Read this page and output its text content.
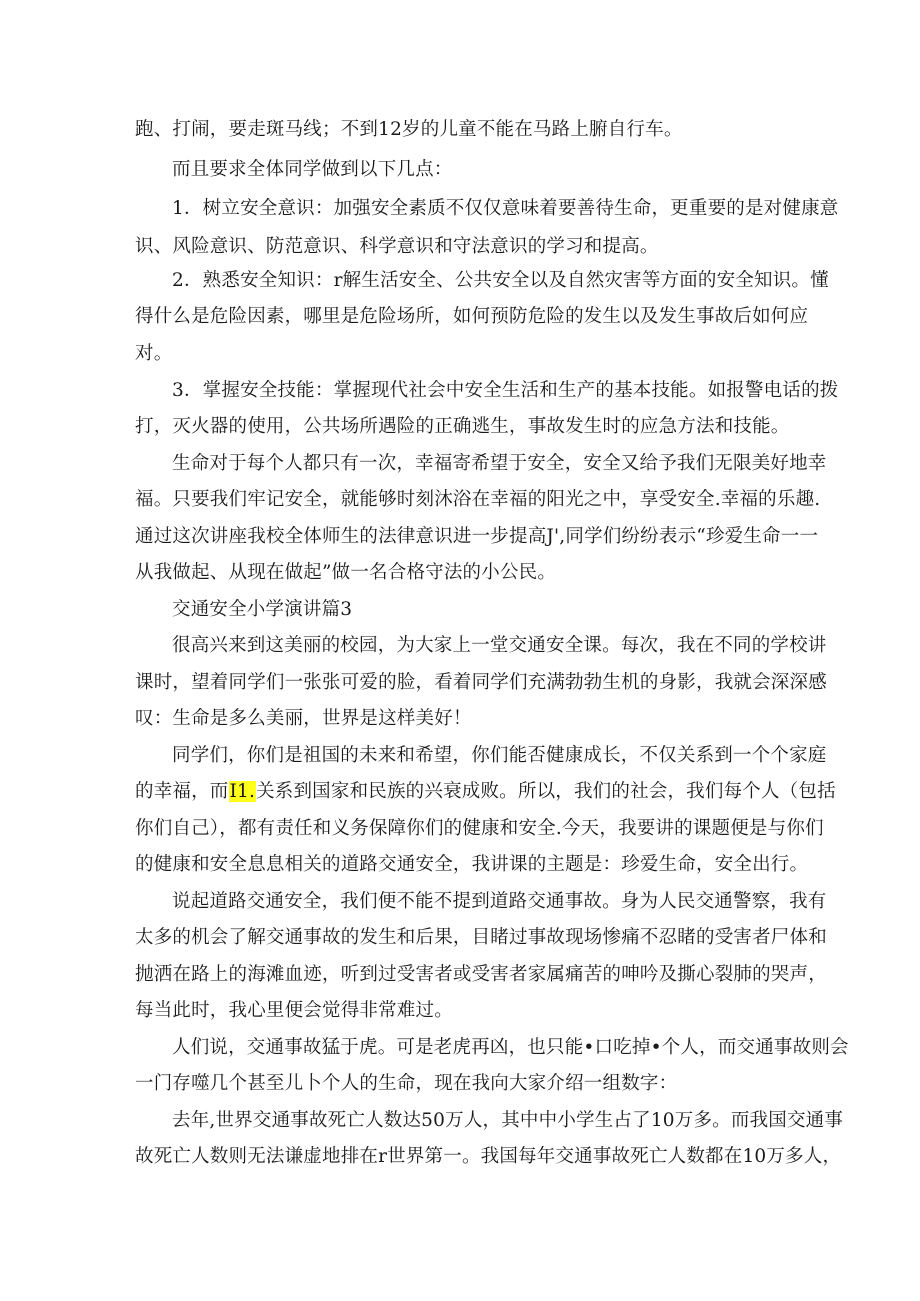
跑、打闹，要走斑马线；不到12岁的儿童不能在马路上腑自行车。
而且要求全体同学做到以下几点：
1．树立安全意识：加强安全素质不仅仅意味着要善待生命，更重要的是对健康意
识、风险意识、防范意识、科学意识和守法意识的学习和提高。
2．熟悉安全知识：r解生活安全、公共安全以及自然灾害等方面的安全知识。懂
得什么是危险因素，哪里是危险场所，如何预防危险的发生以及发生事故后如何应
对。
3．掌握安全技能：掌握现代社会中安全生活和生产的基本技能。如报警电话的拨
打，灭火器的使用，公共场所遇险的正确逃生，事故发生时的应急方法和技能。
生命对于每个人都只有一次，幸福寄希望于安全，安全又给予我们无限美好地幸
福。只要我们牢记安全，就能够时刻沐浴在幸福的阳光之中，享受安全.幸福的乐趣.
通过这次讲座我校全体师生的法律意识进一步提高J',同学们纷纷表示“珍爱生命一一
从我做起、从现在做起”做一名合格守法的小公民。
交通安全小学演讲篇3
很高兴来到这美丽的校园，为大家上一堂交通安全课。每次，我在不同的学校讲
课时，望着同学们一张张可爱的脸，看着同学们充满勃勃生机的身影，我就会深深感
叹：生命是多么美丽，世界是这样美好！
同学们，你们是祖国的未来和希望，你们能否健康成长，不仅关系到一个个家庭
的幸福，而I1.关系到国家和民族的兴衰成败。所以，我们的社会，我们每个人（包括
你们自己），都有责任和义务保障你们的健康和安全.今天，我要讲的课题便是与你们
的健康和安全息息相关的道路交通安全，我讲课的主题是：珍爱生命，安全出行。
说起道路交通安全，我们便不能不提到道路交通事故。身为人民交通警察，我有
太多的机会了解交通事故的发生和后果，目睹过事故现场惨痛不忍睹的受害者尸体和
抛洒在路上的海滩血迹，听到过受害者或受害者家属痛苦的呻吟及撕心裂肺的哭声，
每当此时，我心里便会觉得非常难过。
人们说，交通事故猛于虎。可是老虎再凶，也只能•口吃掉•个人，而交通事故则会
一门存噬几个甚至儿卜个人的生命，现在我向大家介绍一组数字：
去年,世界交通事故死亡人数达50万人，其中中小学生占了10万多。而我国交通事
故死亡人数则无法谦虚地排在r世界第一。我国每年交通事故死亡人数都在10万多人，
